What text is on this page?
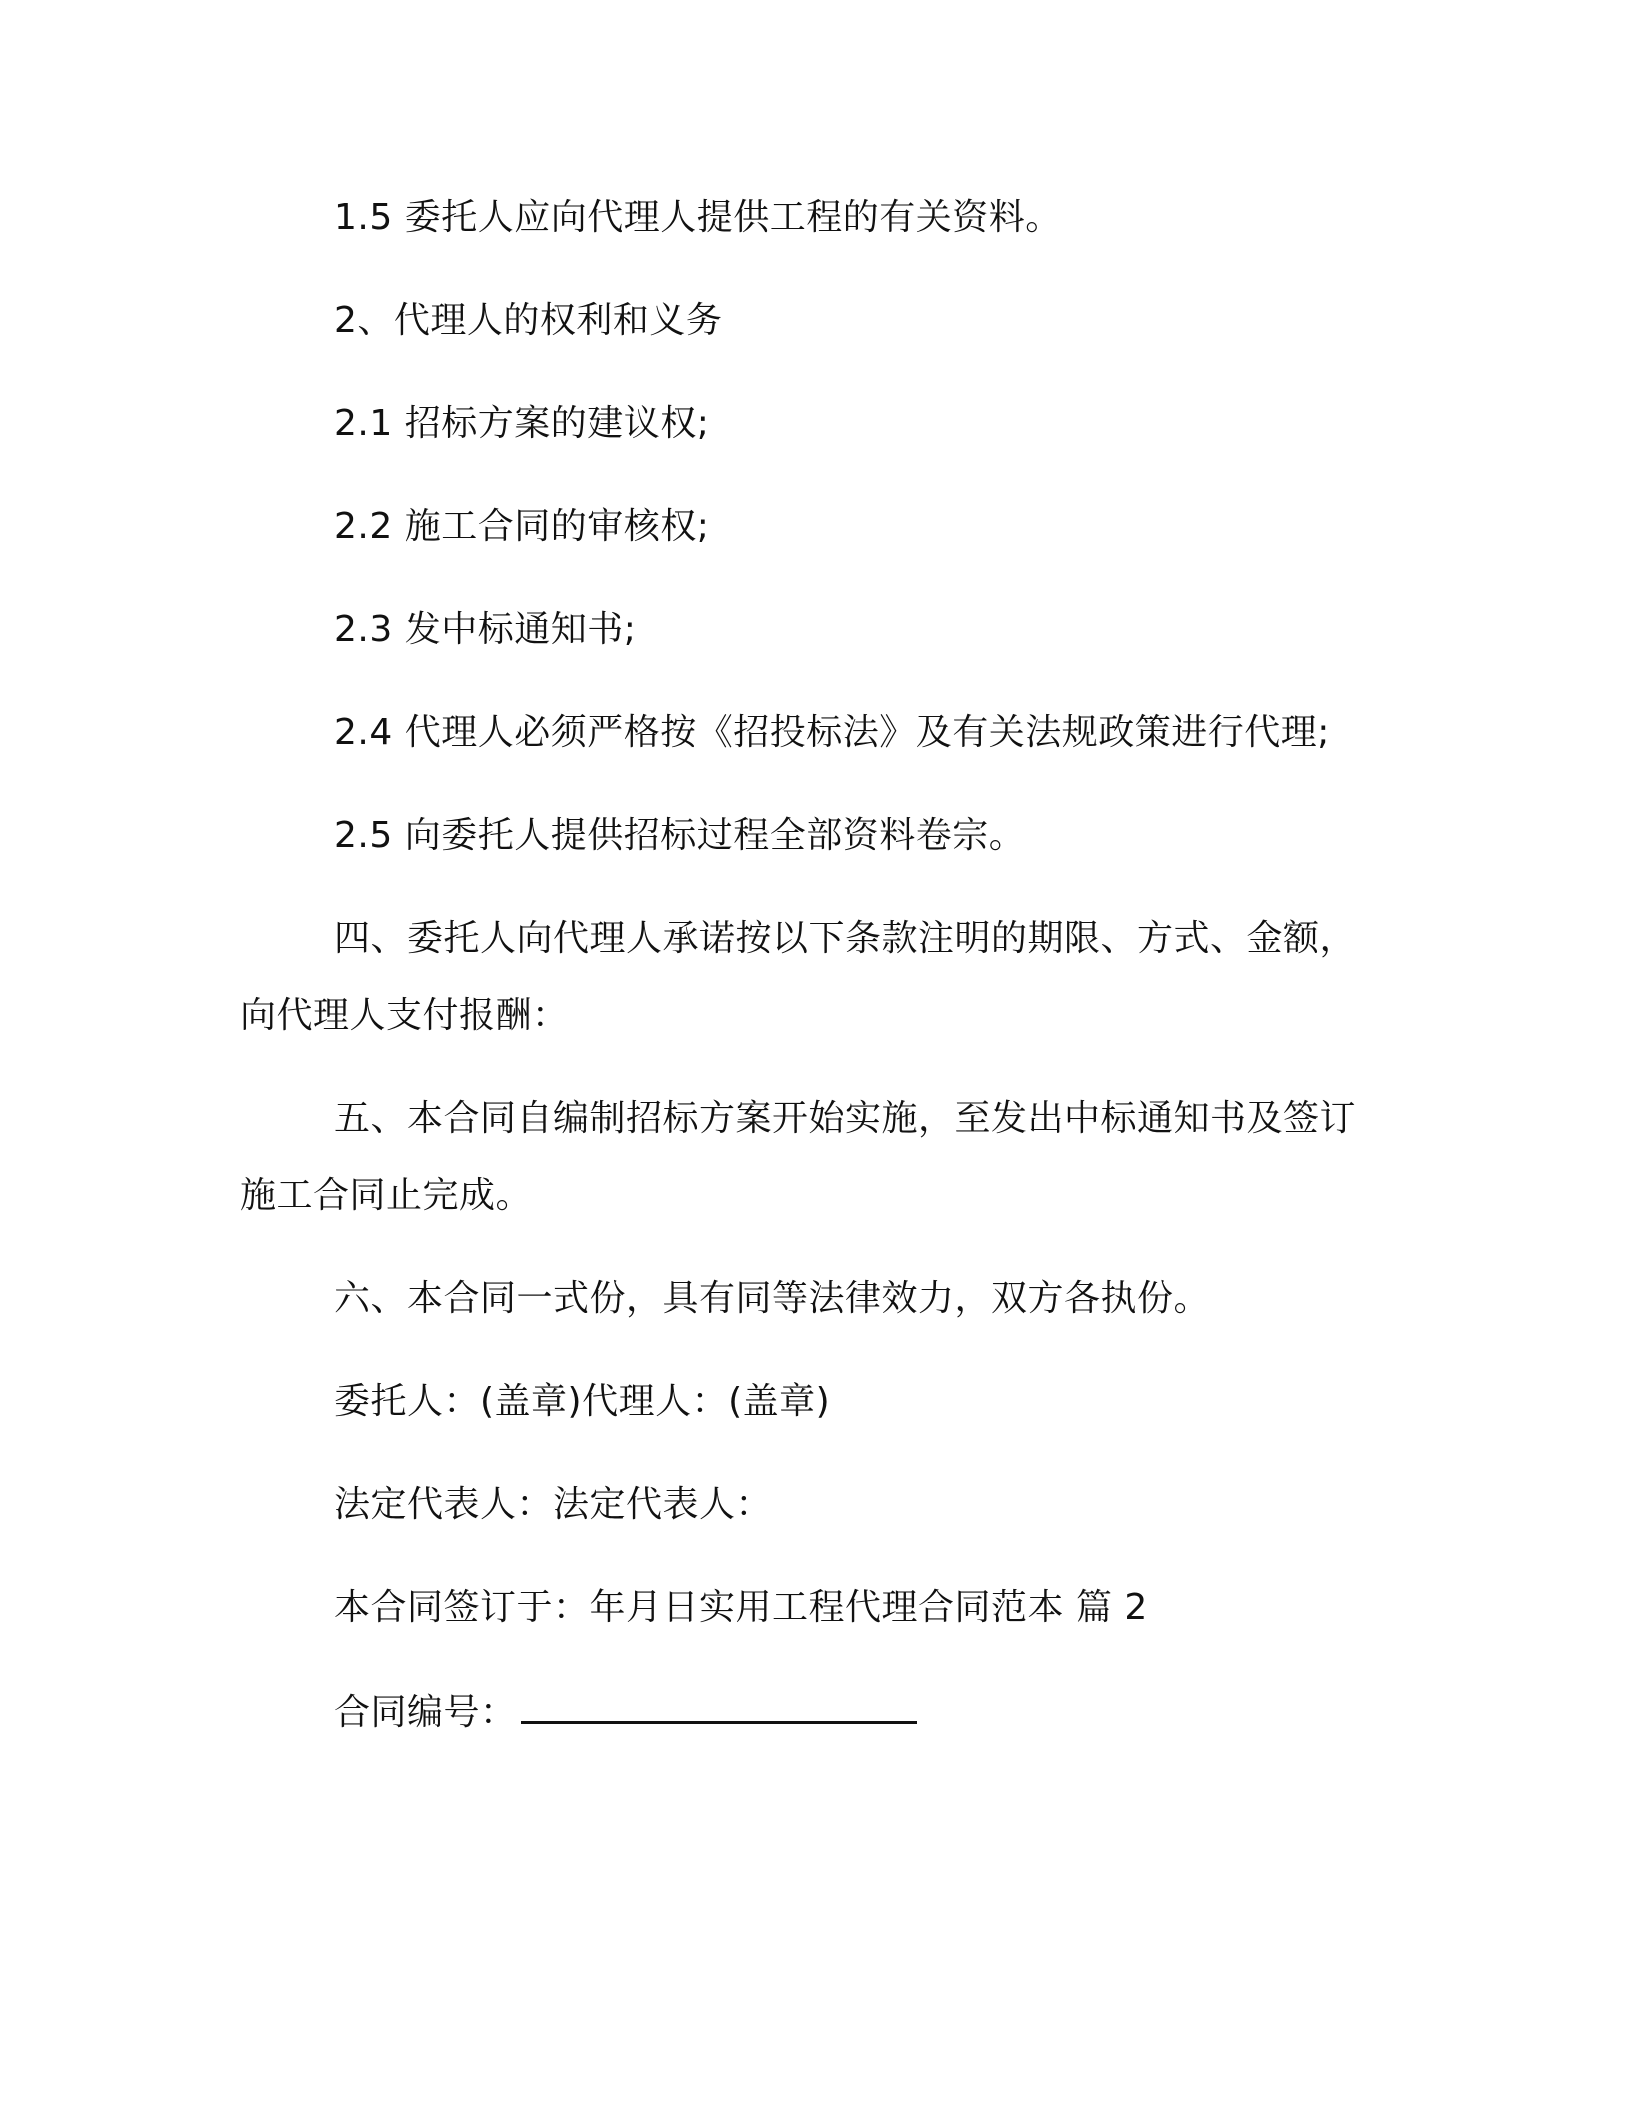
1.5 委托人应向代理人提供工程的有关资料。
2、代理人的权利和义务
2.1 招标方案的建议权;
2.2 施工合同的审核权;
2.3 发中标通知书;
2.4 代理人必须严格按《招投标法》及有关法规政策进行代理;
2.5 向委托人提供招标过程全部资料卷宗。
四、委托人向代理人承诺按以下条款注明的期限、方式、金额，
向代理人支付报酬：
五、本合同自编制招标方案开始实施，至发出中标通知书及签订
施工合同止完成。
六、本合同一式份，具有同等法律效力，双方各执份。
委托人：(盖章)代理人：(盖章)
法定代表人：法定代表人：
本合同签订于：年月日实用工程代理合同范本 篇 2
合同编号：
